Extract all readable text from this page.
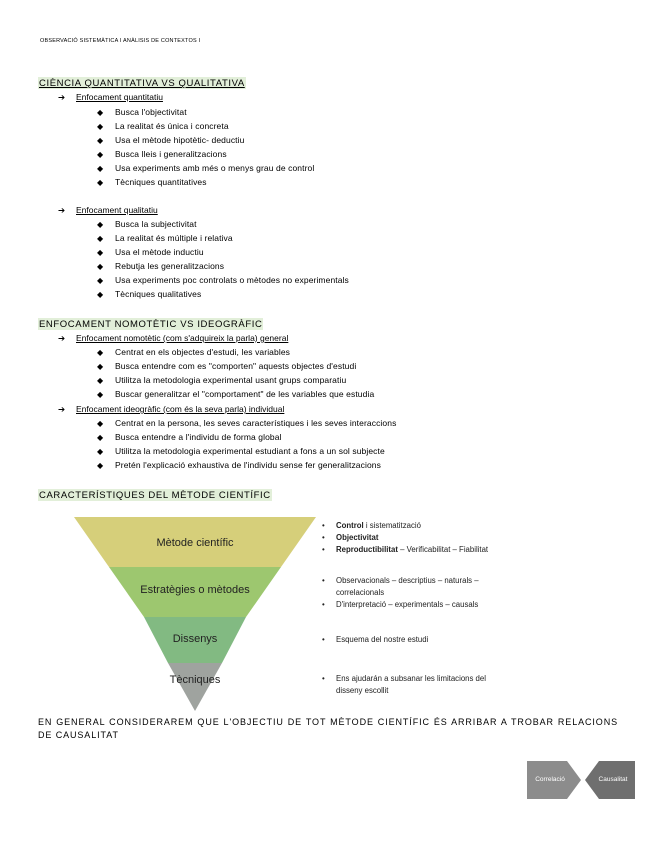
OBSERVACIÓ SISTEMÀTICA I ANÀLISIS DE CONTEXTOS I
CIÈNCIA QUANTITATIVA VS QUALITATIVA
➔ Enfocament quantitatiu
◆ Busca l'objectivitat
◆ La realitat és única i concreta
◆ Usa el mètode hipotètic- deductiu
◆ Busca lleis i generalitzacions
◆ Usa experiments amb més o menys grau de control
◆ Tècniques quantitatives
➔ Enfocament qualitatiu
◆ Busca la subjectivitat
◆ La realitat és múltiple i relativa
◆ Usa el mètode inductiu
◆ Rebutja les generalitzacions
◆ Usa experiments poc controlats o mètodes no experimentals
◆ Tècniques qualitatives
ENFOCAMENT NOMOTÈTIC VS IDEOGRÀFIC
➔ Enfocament nomotètic (com s'adquireix la parla) general
◆ Centrat en els objectes d'estudi, les variables
◆ Busca entendre com es "comporten" aquests objectes d'estudi
◆ Utilitza la metodologia experimental usant grups comparatiu
◆ Buscar generalitzar el "comportament" de les variables que estudia
➔ Enfocament ideogràfic (com és la seva parla) individual
◆ Centrat en la persona, les seves característiques i les seves interaccions
◆ Busca entendre a l'individu de forma global
◆ Utilitza la metodologia experimental estudiant a fons a un sol subjecte
◆ Pretén l'explicació exhaustiva de l'individu sense fer generalitzacions
CARACTERÍSTIQUES DEL MÈTODE CIENTÍFIC
Mètode científic
Estratègies o mètodes
Dissenys
Tècniques
• Control i sistematització
• Objectivitat
• Reproductibilitat – Verificabilitat – Fiabilitat
• Observacionals – descriptius – naturals –
correlacionals
• D'interpretació – experimentals – causals
• Esquema del nostre estudi
• Ens ajudarán a subsanar les limitacions del
disseny escollit
EN GENERAL CONSIDERAREM QUE L'OBJECTIU DE TOT MÈTODE CIENTÍFIC ÉS ARRIBAR A TROBAR RELACIONS DE CAUSALITAT
Correlació	Causalitat
